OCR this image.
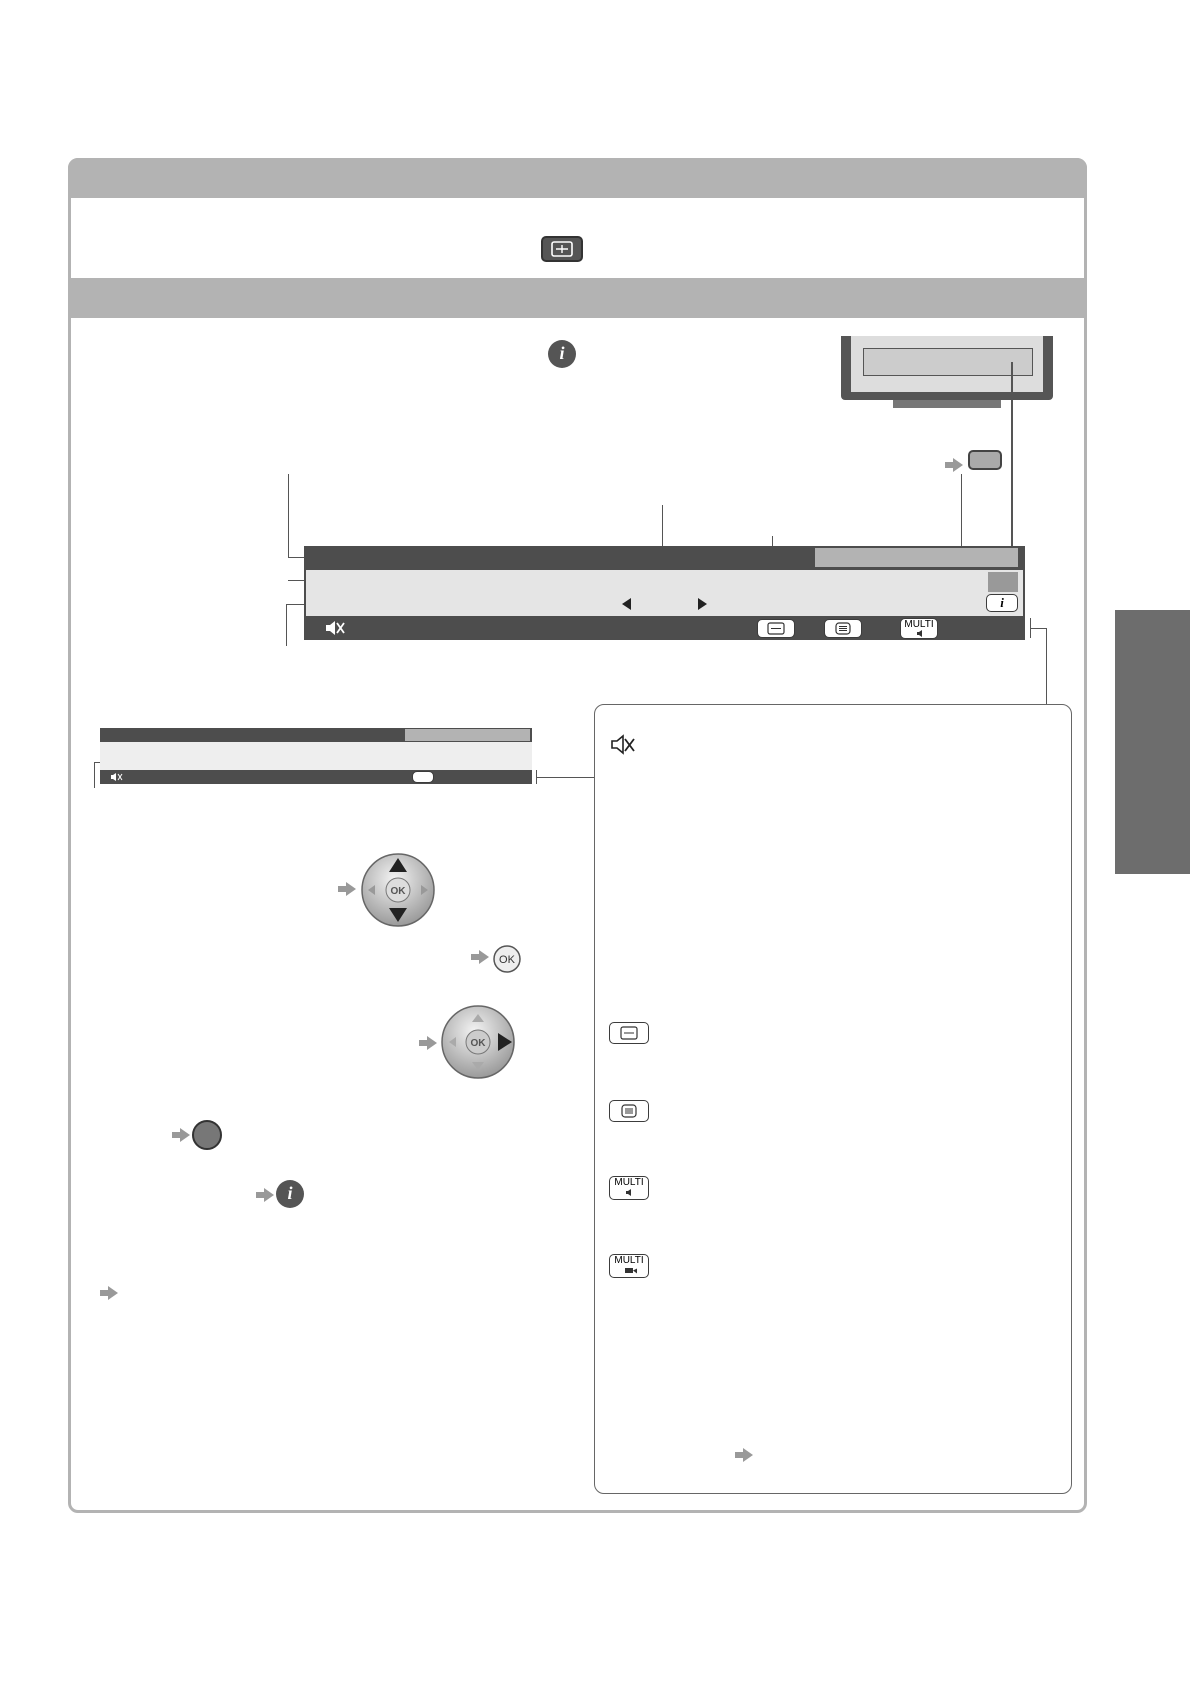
i
i
MULTI
MULTI
MULTI
OK
OK
OK
i
